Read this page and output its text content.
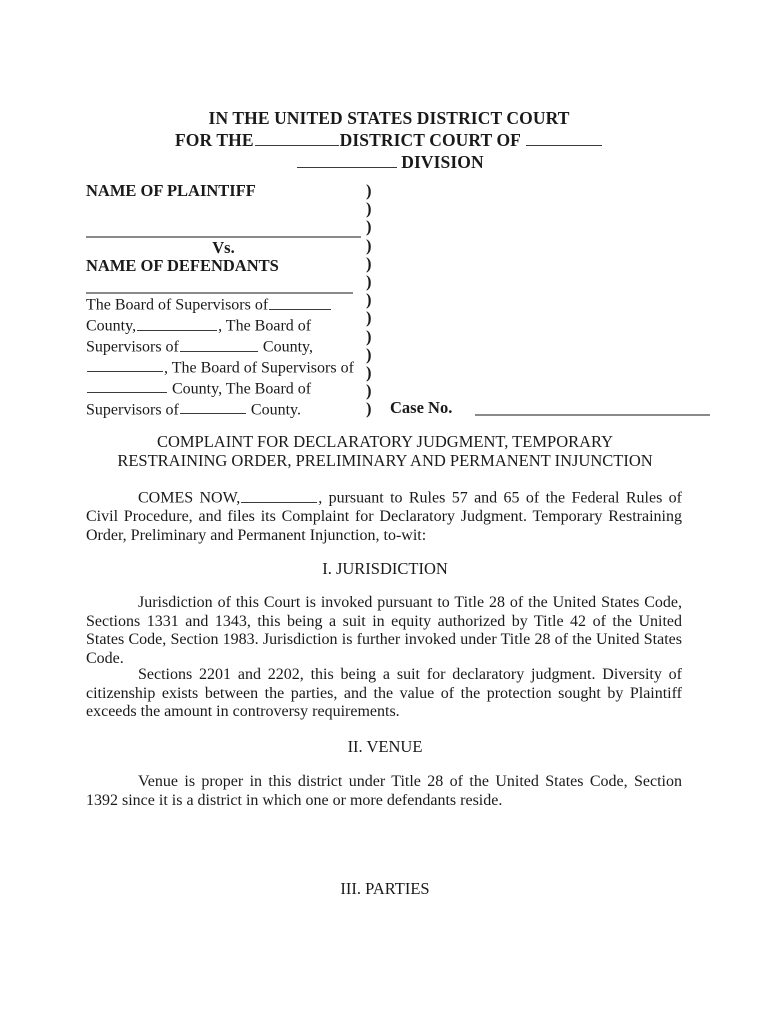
IN THE UNITED STATES DISTRICT COURT
FOR THE	DISTRICT COURT OF
DIVISION
NAME OF PLAINTIFF
Vs.
NAME OF DEFENDANTS
The Board of Supervisors of
County,	, The Board of
Supervisors of	County,
, The Board of Supervisors of
County, The Board of
Supervisors of	County.
)
)
)
)
)
)
)
)
)
)
)
)
)	Case No.
COMPLAINT FOR DECLARATORY JUDGMENT, TEMPORARY
RESTRAINING ORDER, PRELIMINARY AND PERMANENT INJUNCTION

COMES NOW,	, pursuant to Rules 57 and 65 of the Federal Rules of Civil Procedure, and files its Complaint for Declaratory Judgment. Temporary Restraining Order, Preliminary and Permanent Injunction, to-wit:

I. JURISDICTION

Jurisdiction of this Court is invoked pursuant to Title 28 of the United States Code, Sections 1331 and 1343, this being a suit in equity authorized by Title 42 of the United States Code, Section 1983. Jurisdiction is further invoked under Title 28 of the United States Code.

Sections 2201 and 2202, this being a suit for declaratory judgment. Diversity of citizenship exists between the parties, and the value of the protection sought by Plaintiff exceeds the amount in controversy requirements.

II. VENUE

Venue is proper in this district under Title 28 of the United States Code, Section 1392 since it is a district in which one or more defendants reside.

III. PARTIES
